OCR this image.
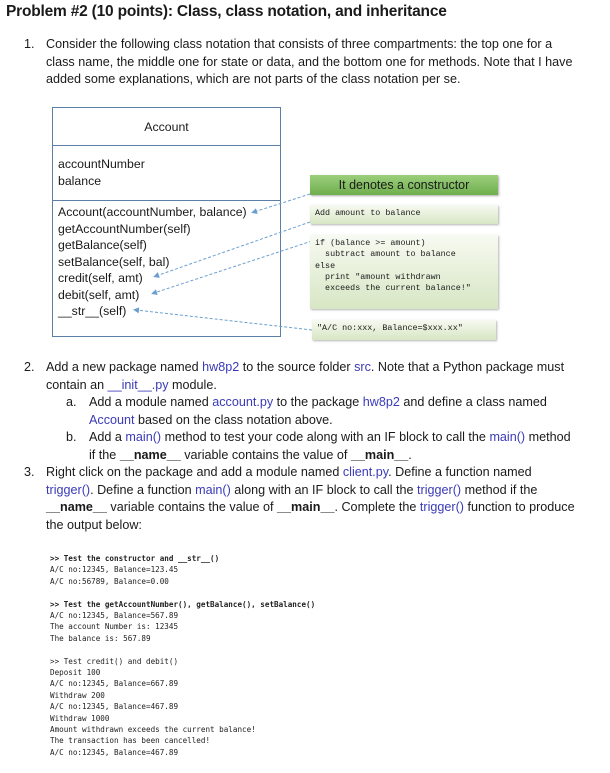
Problem #2 (10 points): Class, class notation, and inheritance
1. Consider the following class notation that consists of three compartments: the top one for a
class name, the middle one for state or data, and the bottom one for methods. Note that I have
added some explanations, which are not parts of the class notation per se.
Account
accountNumber
balance
Account(accountNumber, balance)
getAccountNumber(self)
getBalance(self)
setBalance(self, bal)
credit(self, amt)
debit(self, amt)
__str__(self)
It denotes a constructor
Add amount to balance
if (balance >= amount)
subtract amount to balance
else
print "amount withdrawn
exceeds the current balance!"
"A/C no:xxx, Balance=$xxx.xx"
2. Add a new package named hw8p2 to the source folder src. Note that a Python package must
contain an __init__.py module.
a. Add a module named account.py to the package hw8p2 and define a class named
Account based on the class notation above.
b. Add a main() method to test your code along with an IF block to call the main() method
if the __name__ variable contains the value of __main__.
3. Right click on the package and add a module named client.py. Define a function named
trigger(). Define a function main() along with an IF block to call the trigger() method if the
__name__ variable contains the value of __main__. Complete the trigger() function to produce
the output below:
>> Test the constructor and __str__()
A/C no:12345, Balance=123.45
A/C no:56789, Balance=0.00
>> Test the getAccountNumber(), getBalance(), setBalance()
A/C no:12345, Balance=567.89
The account Number is: 12345
The balance is: 567.89
>> Test credit() and debit()
Deposit 100
A/C no:12345, Balance=667.89
Withdraw 200
A/C no:12345, Balance=467.89
Withdraw 1000
Amount withdrawn exceeds the current balance!
The transaction has been cancelled!
A/C no:12345, Balance=467.89
